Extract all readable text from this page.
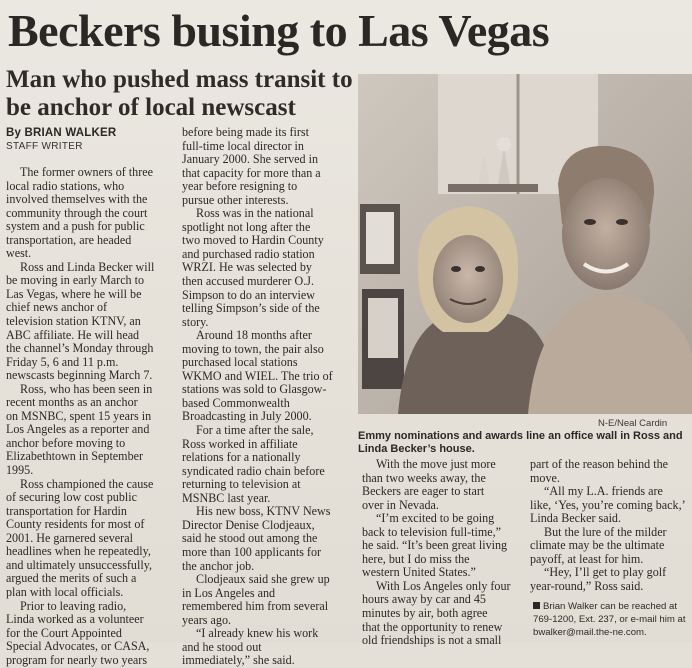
Beckers busing to Las Vegas
Man who pushed mass transit to be anchor of local newscast
By BRIAN WALKER
STAFF WRITER
The former owners of three
local radio stations, who
involved themselves with the
community through the court
system and a push for public
transportation, are headed
west.
Ross and Linda Becker will
be moving in early March to
Las Vegas, where he will be
chief news anchor of
television station KTNV, an
ABC affiliate. He will head
the channel’s Monday through
Friday 5, 6 and 11 p.m.
newscasts beginning March 7.
Ross, who has been seen in
recent months as an anchor
on MSNBC, spent 15 years in
Los Angeles as a reporter and
anchor before moving to
Elizabethtown in September
1995.
Ross championed the cause
of securing low cost public
transportation for Hardin
County residents for most of
2001. He garnered several
headlines when he repeatedly,
and ultimately unsuccessfully,
argued the merits of such a
plan with local officials.
Prior to leaving radio,
Linda worked as a volunteer
for the Court Appointed
Special Advocates, or CASA,
program for nearly two years
before being made its first
full-time local director in
January 2000. She served in
that capacity for more than a
year before resigning to
pursue other interests.
Ross was in the national
spotlight not long after the
two moved to Hardin County
and purchased radio station
WRZI. He was selected by
then accused murderer O.J.
Simpson to do an interview
telling Simpson’s side of the
story.
Around 18 months after
moving to town, the pair also
purchased local stations
WKMO and WIEL. The trio of
stations was sold to Glasgow-
based Commonwealth
Broadcasting in July 2000.
For a time after the sale,
Ross worked in affiliate
relations for a nationally
syndicated radio chain before
returning to television at
MSNBC last year.
His new boss, KTNV News
Director Denise Clodjeaux,
said he stood out among the
more than 100 applicants for
the anchor job.
Clodjeaux said she grew up
in Los Angeles and
remembered him from several
years ago.
“I already knew his work
and he stood out
immediately,” she said.
N-E/Neal Cardin
Emmy nominations and awards line an office wall in Ross and
Linda Becker’s house.
With the move just more
than two weeks away, the
Beckers are eager to start
over in Nevada.
“I’m excited to be going
back to television full-time,”
he said. “It’s been great living
here, but I do miss the
western United States.”
With Los Angeles only four
hours away by car and 45
minutes by air, both agree
that the opportunity to renew
old friendships is not a small
part of the reason behind the
move.
“All my L.A. friends are
like, ‘Yes, you’re coming back,’
Linda Becker said.
But the lure of the milder
climate may be the ultimate
payoff, at least for him.
“Hey, I’ll get to play golf
year-round,” Ross said.
Brian Walker can be reached at
769-1200, Ext. 237, or e-mail him at
bwalker@mail.the-ne.com.
